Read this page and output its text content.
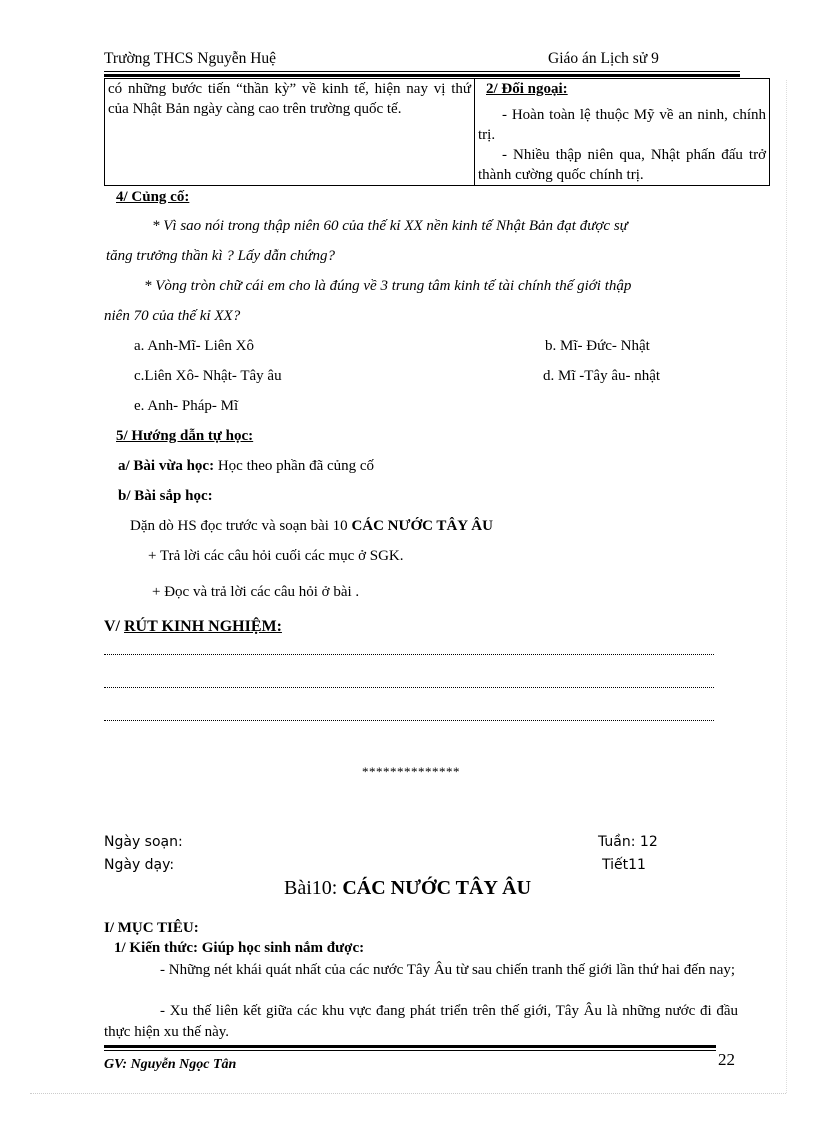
Trường THCS Nguyễn Huệ	Giáo án Lịch sử 9
có những bước tiến “thần kỳ” về kinh tế, hiện nay vị thứ của Nhật Bản ngày càng cao trên trường quốc tế.	
2/ Đối ngoại:
- Hoàn toàn lệ thuộc Mỹ về an ninh, chính trị.
- Nhiều thập niên qua, Nhật phấn đấu trở thành cường quốc chính trị.
4/ Củng cố:
* Vì sao nói trong thập niên 60 của thế kỉ XX nền kinh tế Nhật Bản đạt được sự
tăng trưởng thần kì ? Lấy dẫn chứng?
* Vòng tròn chữ cái em cho là đúng về 3 trung tâm kinh tế tài chính thế giới thập
niên 70 của thế kỉ XX?
a. Anh-Mĩ- Liên Xô	b. Mĩ- Đức- Nhật
c.Liên Xô- Nhật- Tây âu	d. Mĩ -Tây âu- nhật
e. Anh- Pháp- Mĩ
5/ Hướng dẫn tự học:
a/ Bài vừa học: Học theo phần đã củng cố
b/ Bài sắp học:
Dặn dò HS đọc trước và soạn bài 10 CÁC NƯỚC TÂY ÂU
+ Trả lời các câu hỏi cuối các mục ở SGK.
+ Đọc và trả lời các câu hỏi ở bài .
V/ RÚT KINH NGHIỆM:
**************
Ngày soạn:
Ngày dạy:
Tuần: 12
Tiết11
Bài10: CÁC NƯỚC TÂY ÂU
I/ MỤC TIÊU:
1/ Kiến thức: Giúp học sinh nắm được:
- Những nét khái quát nhất của các nước Tây Âu từ sau chiến tranh thế giới lần thứ hai đến nay;
- Xu thế liên kết giữa các khu vực đang phát triển trên thế giới, Tây Âu là những nước đi đầu thực hiện xu thế này.
GV: Nguyễn Ngọc Tân	22
